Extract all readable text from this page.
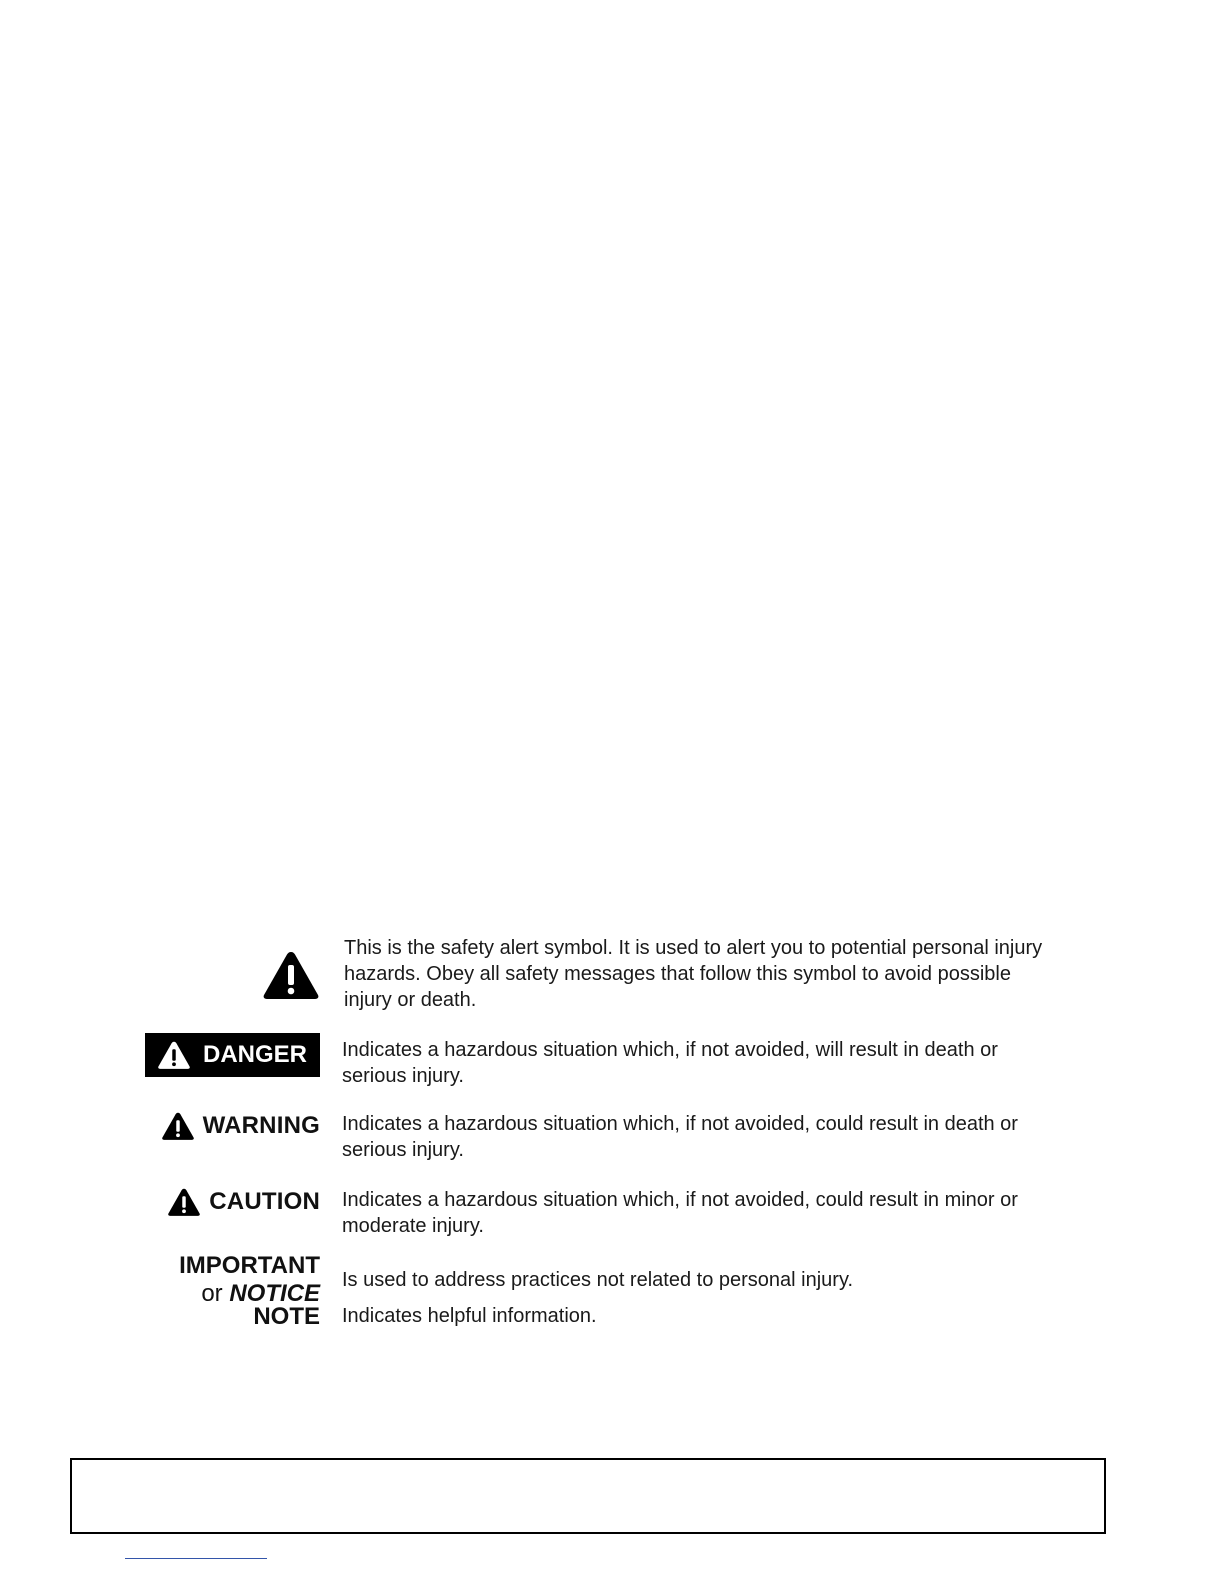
This is the safety alert symbol. It is used to alert you to potential personal injury hazards. Obey all safety messages that follow this symbol to avoid possible injury or death.
DANGER Indicates a hazardous situation which, if not avoided, will result in death or serious injury.
WARNING Indicates a hazardous situation which, if not avoided, could result in death or serious injury.
CAUTION Indicates a hazardous situation which, if not avoided, could result in minor or moderate injury.
IMPORTANT
or NOTICE Is used to address practices not related to personal injury.
NOTE Indicates helpful information.
